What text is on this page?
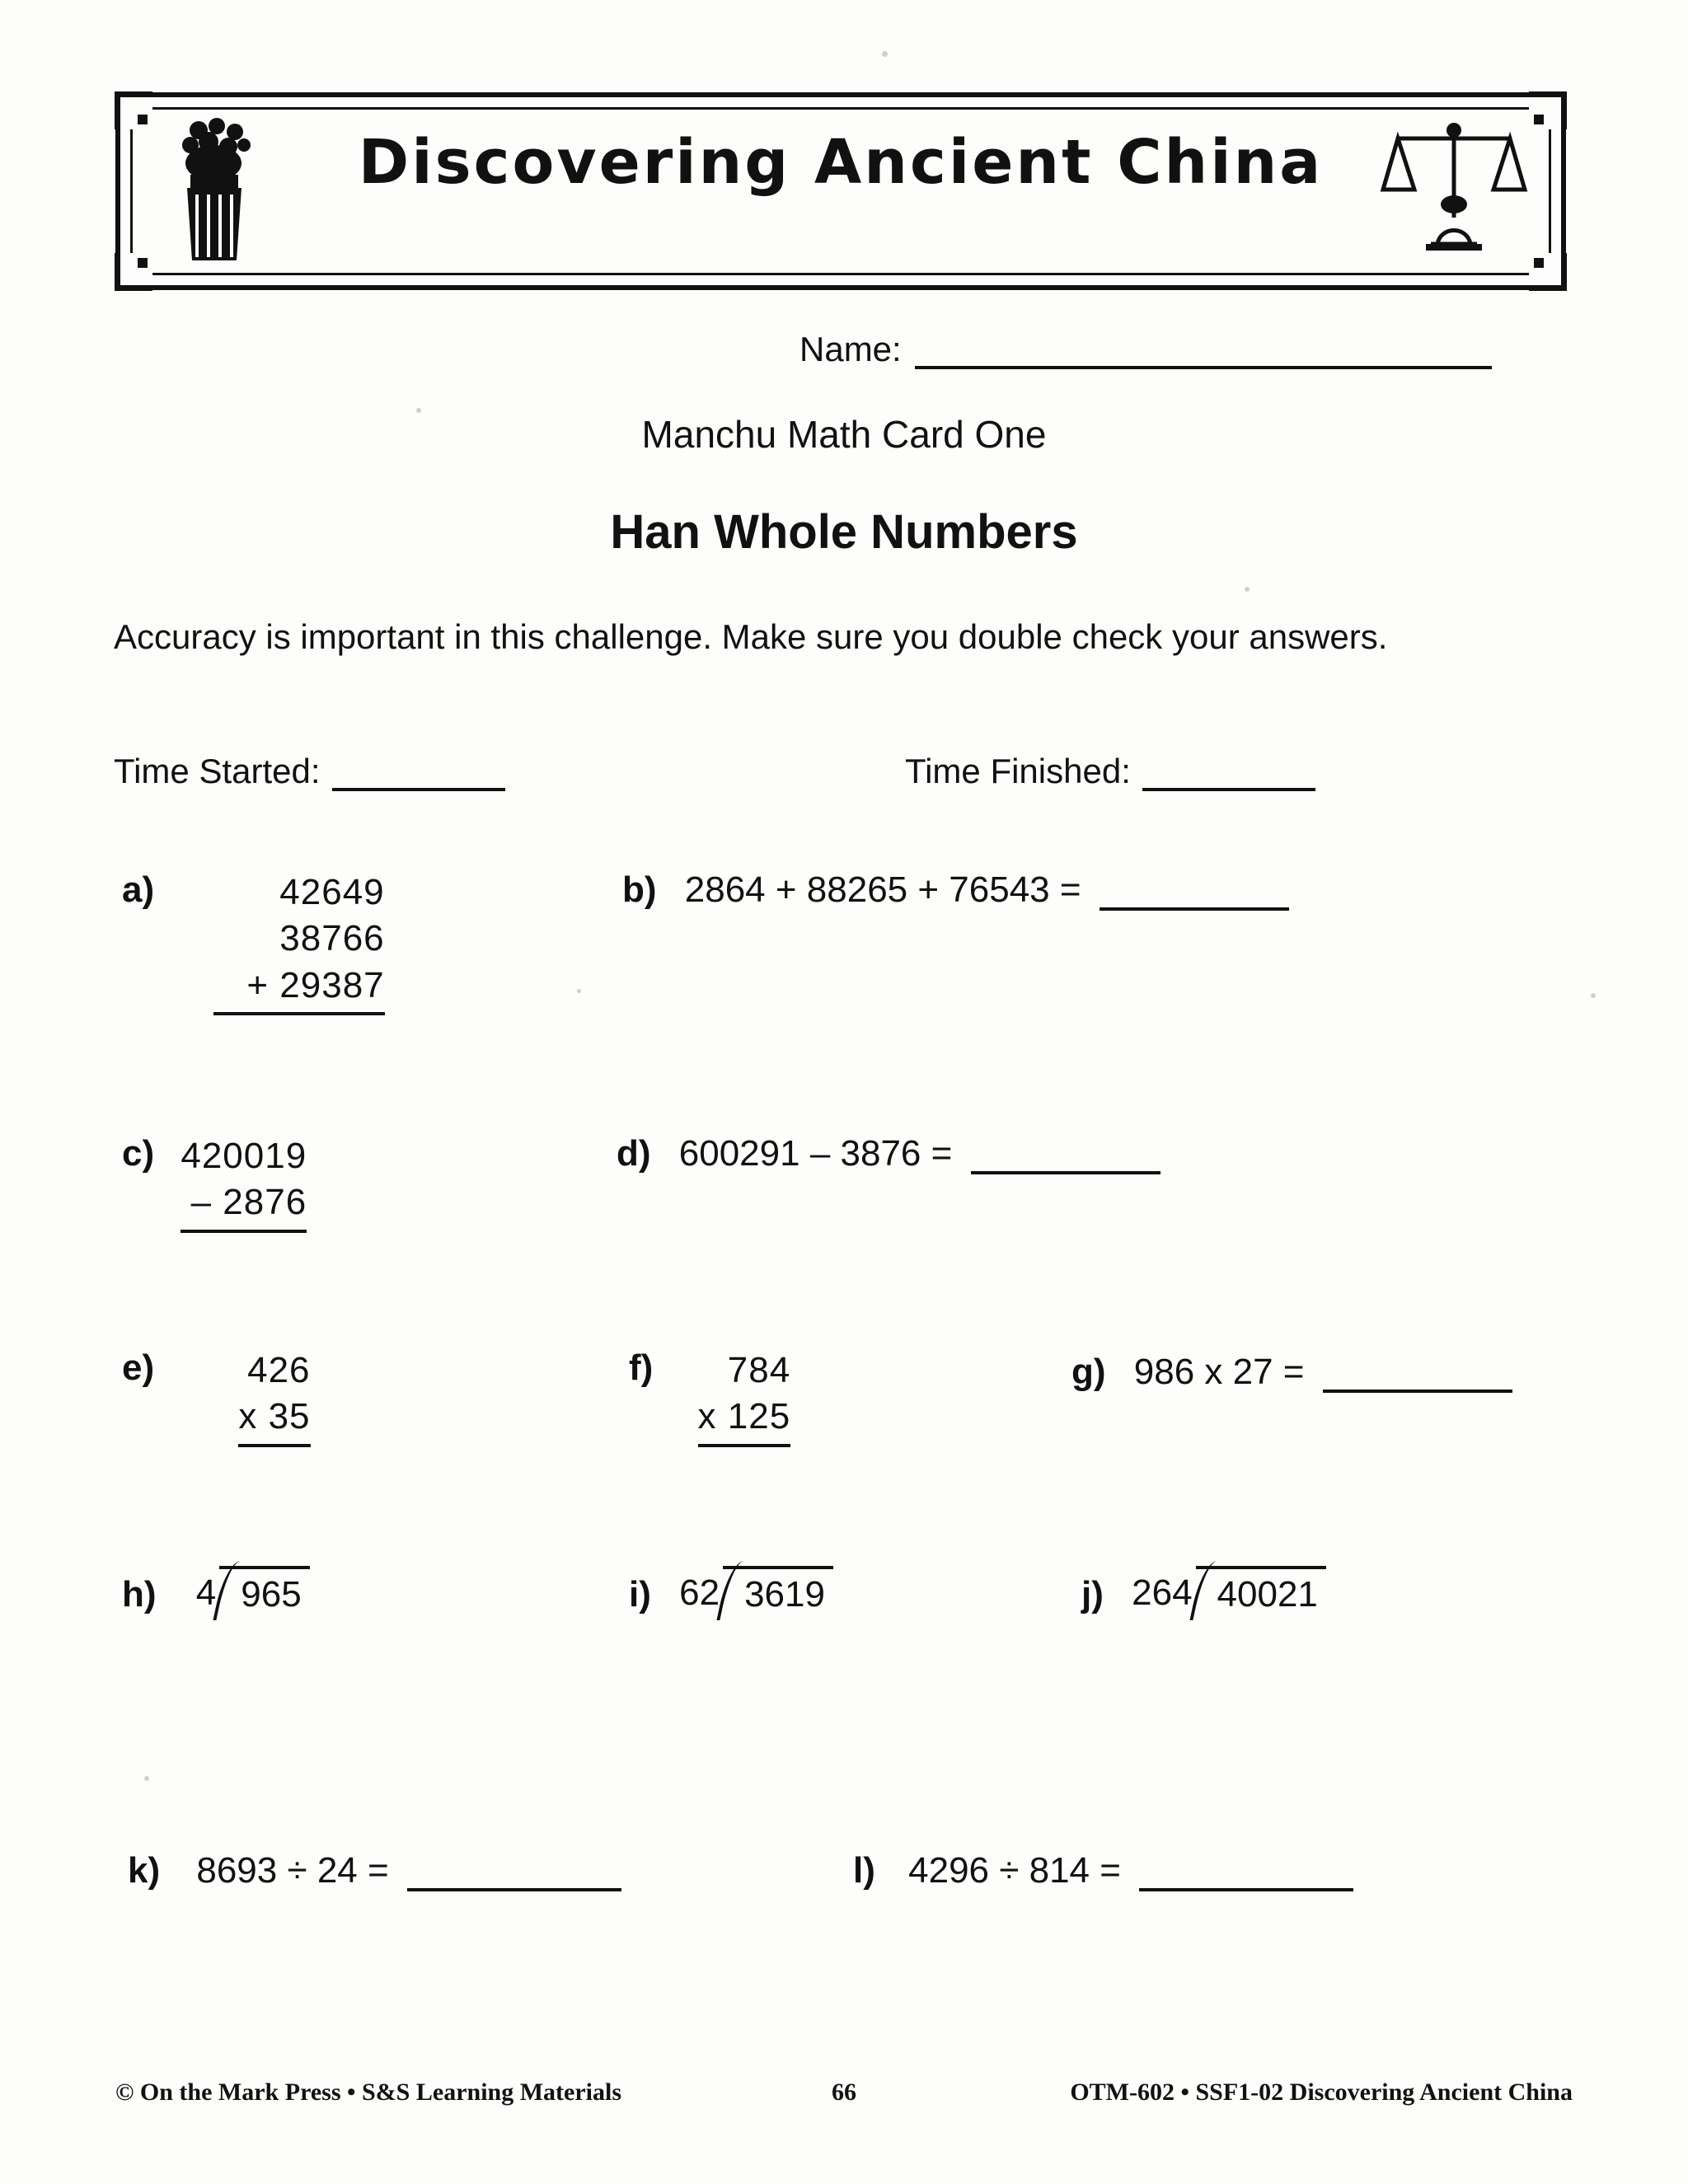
Discovering Ancient China
Name:
Manchu Math Card One
Han Whole Numbers
Accuracy is important in this challenge. Make sure you double check your answers.
Time Started:	Time Finished:
a)	42649
38766
+ 29387
b) 2864 + 88265 + 76543 =
c) 420019
– 2876
d) 600291 – 3876 =
e)	426
x 35
f)	784
x 125
g) 986 x 27 =
h) 4 965	i) 62 3619	j) 264 40021
k) 8693 ÷ 24 =	l) 4296 ÷ 814 =
© On the Mark Press • S&S Learning Materials	66	OTM-602 • SSF1-02 Discovering Ancient China
